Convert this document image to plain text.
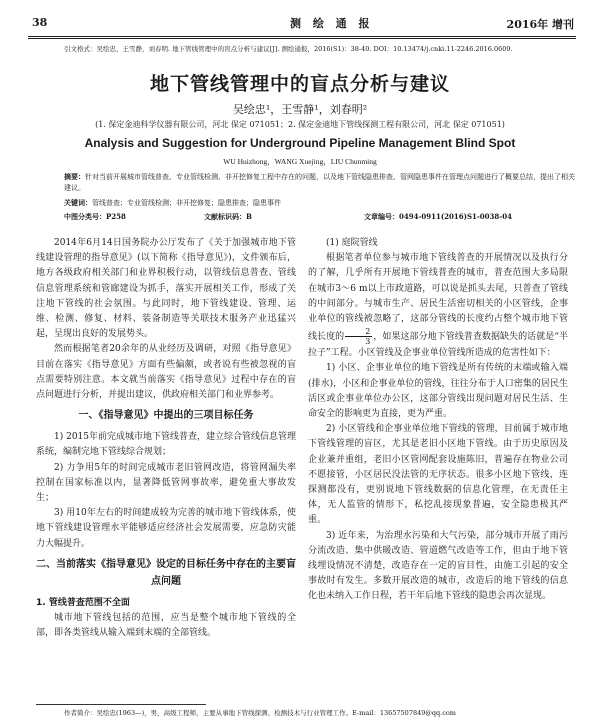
38	测 绘 通 报	2016年 增刊
引文格式：吴绘忠，王雪静，刘春明. 地下管线管理中的盲点分析与建议[J]. 测绘通报，2016(S1)：38-40. DOI：10.13474/j.cnki.11-2246.2016.0609.
地下管线管理中的盲点分析与建议
吴绘忠¹，王雪静¹，刘春明²
(1. 保定金迪科学仪器有限公司，河北 保定 071051；2. 保定金迪地下管线探测工程有限公司，河北 保定 071051)
Analysis and Suggestion for Underground Pipeline Management Blind Spot
WU Huizhong，WANG Xuejing，LIU Chunming
摘要：针对当前开展城市管线普查、专业管线检测、非开挖修复工程中存在的问题，以及地下管线隐患排查、管网隐患事件在管理点问题进行了概要总结，提出了相关建议。
关键词：管线普查；专业管线检测；非开挖修复；隐患排查；隐患事件
中图分类号：P258	文献标识码：B	文章编号：0494-0911(2016)S1-0038-04

2014年6月14日国务院办公厅发布了《关于加强城市地下管线建设管理的指导意见》(以下简称《指导意见》)，文件颁布后，地方各级政府相关部门和业界积极行动，以管线信息普查、管线信息管理系统和管廊建设为抓手，落实开展相关工作，形成了关注地下管线的社会氛围。与此同时，地下管线建设、管理、运维、检测、修复、材料、装备制造等关联技术服务产业迅猛兴起，呈现出良好的发展势头。

然而根据笔者20余年的从业经历及调研，对照《指导意见》目前在落实《指导意见》方面有些偏颇，或者说有些被忽视的盲点需要特别注意。本文就当前落实《指导意见》过程中存在的盲点问题进行分析，并提出建议，供政府相关部门和业界参考。

一、《指导意见》中提出的三项目标任务

1) 2015年前完成城市地下管线普查，建立综合管线信息管理系统，编制完地下管线综合规划；

2) 力争用5年的时间完成城市老旧管网改造，将管网漏失率控制在国家标准以内，显著降低管网事故率，避免重大事故发生；

3) 用10年左右的时间建成较为完善的城市地下管线体系，使地下管线建设管理水平能够适应经济社会发展需要，应急防灾能力大幅提升。

二、当前落实《指导意见》设定的目标任务中存在的主要盲点问题
1. 管线普查范围不全面

城市地下管线包括的范围，应当是整个城市地下管线的全部，即各类管线从输入端到末端的全部管线。

(1) 庭院管线

根据笔者单位参与城市地下管线普查的开展情况以及执行分的了解，几乎所有开展地下管线普查的城市，普查范围大多局限在城市3～6 m以上市政道路，可以说是抓头去尾，只普查了管线的中间部分。与城市生产、居民生活密切相关的小区管线，企事业单位的管线被忽略了，这部分管线的长度约占整个城市地下管线长度的 $\frac{2}{3}$ ，如果这部分地下管线普查数据缺失的话就是“半拉子”工程。小区管线及企事业单位管线所造成的危害性如下：

1) 小区、企事业单位的地下管线是所有传统的末端或输入端(排水)，小区和企事业单位的管线，往往分布于人口密集的居民生活区或企事业单位办公区，这部分管线出现问题对居民生活、生命安全的影响更为直接，更为严重。

2) 小区管线和企事业单位地下管线的管理，目前属于城市地下管线管理的盲区，尤其是老旧小区地下管线。由于历史原因及企业兼并重组，老旧小区管网配套设施陈旧，普遍存在物业公司不愿接管，小区居民没法管的无序状态。很多小区地下管线，连探测都没有，更别说地下管线数据的信息化管理，在无责任主体，无人监管的情形下，私挖乱接现象普遍，安全隐患极其严重。

3) 近年来，为治理水污染和大气污染，部分城市开展了雨污分流改造、集中供暖改造、管道燃气改造等工作，但由于地下管线埋设情况不清楚，改造存在一定的盲目性，由施工引起的安全事故时有发生。多数开展改造的城市，改造后的地下管线的信息化也未纳入工作日程，若干年后地下管线的隐患会再次显现。

作者简介：吴绘忠(1963—)，男，高级工程师，主要从事地下管线探测、检测技术与行业管理工作。E-mail：13657507849@qq.com
